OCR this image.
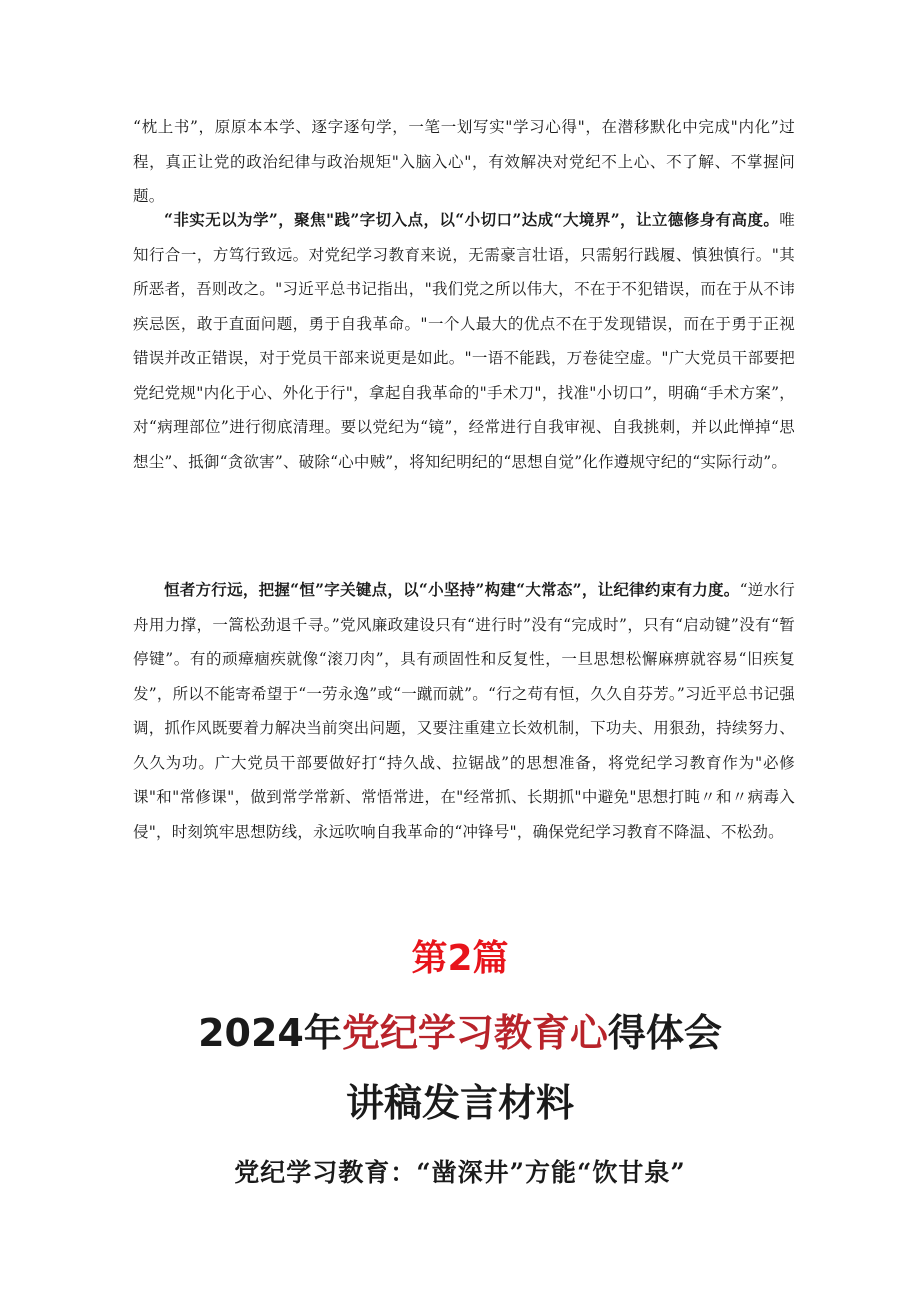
“枕上书”，原原本本学、逐字逐句学，一笔一划写实"学习心得"，在潜移默化中完成"内化”过程，真正让党的政治纪律与政治规矩"入脑入心"，有效解决对党纪不上心、不了解、不掌握问题。

“非实无以为学”，聚焦"践”字切入点，以“小切口”达成“大境界”，让立德修身有高度。唯知行合一，方笃行致远。对党纪学习教育来说，无需豪言壮语，只需躬行践履、慎独慎行。"其所恶者，吾则改之。"习近平总书记指出，"我们党之所以伟大，不在于不犯错误，而在于从不讳疾忌医，敢于直面问题，勇于自我革命。"一个人最大的优点不在于发现错误，而在于勇于正视错误并改正错误，对于党员干部来说更是如此。"一语不能践，万卷徒空虚。"广大党员干部要把党纪党规"内化于心、外化于行"，拿起自我革命的"手术刀"，找准"小切口”，明确“手术方案”，对“病理部位”进行彻底清理。要以党纪为“镜”，经常进行自我审视、自我挑刺，并以此惮掉“思想尘”、抵御“贪欲害”、破除“心中贼”，将知纪明纪的“思想自觉”化作遵规守纪的“实际行动”。

恒者方行远，把握“恒”字关键点，以“小坚持”构建“大常态”，让纪律约束有力度。“逆水行舟用力撑，一篙松劲退千寻。”党风廉政建设只有“进行时”没有“完成时”，只有“启动键”没有“暂停键”。有的顽瘴痼疾就像“滚刀肉”，具有顽固性和反复性，一旦思想松懈麻痹就容易“旧疾复发”，所以不能寄希望于“一劳永逸”或“一蹴而就”。“行之苟有恒，久久自芬芳。”习近平总书记强调，抓作风既要着力解决当前突出问题，又要注重建立长效机制，下功夫、用狠劲，持续努力、久久为功。广大党员干部要做好打“持久战、拉锯战”的思想准备，将党纪学习教育作为"必修课"和"常修课"，做到常学常新、常悟常进，在"经常抓、长期抓"中避免"思想打盹〃和〃病毒入侵"，时刻筑牢思想防线，永远吹响自我革命的“冲锋号"，确保党纪学习教育不降温、不松劲。

第2篇
2024年党纪学习教育心得体会
讲稿发言材料
党纪学习教育：“凿深井”方能“饮甘泉”
